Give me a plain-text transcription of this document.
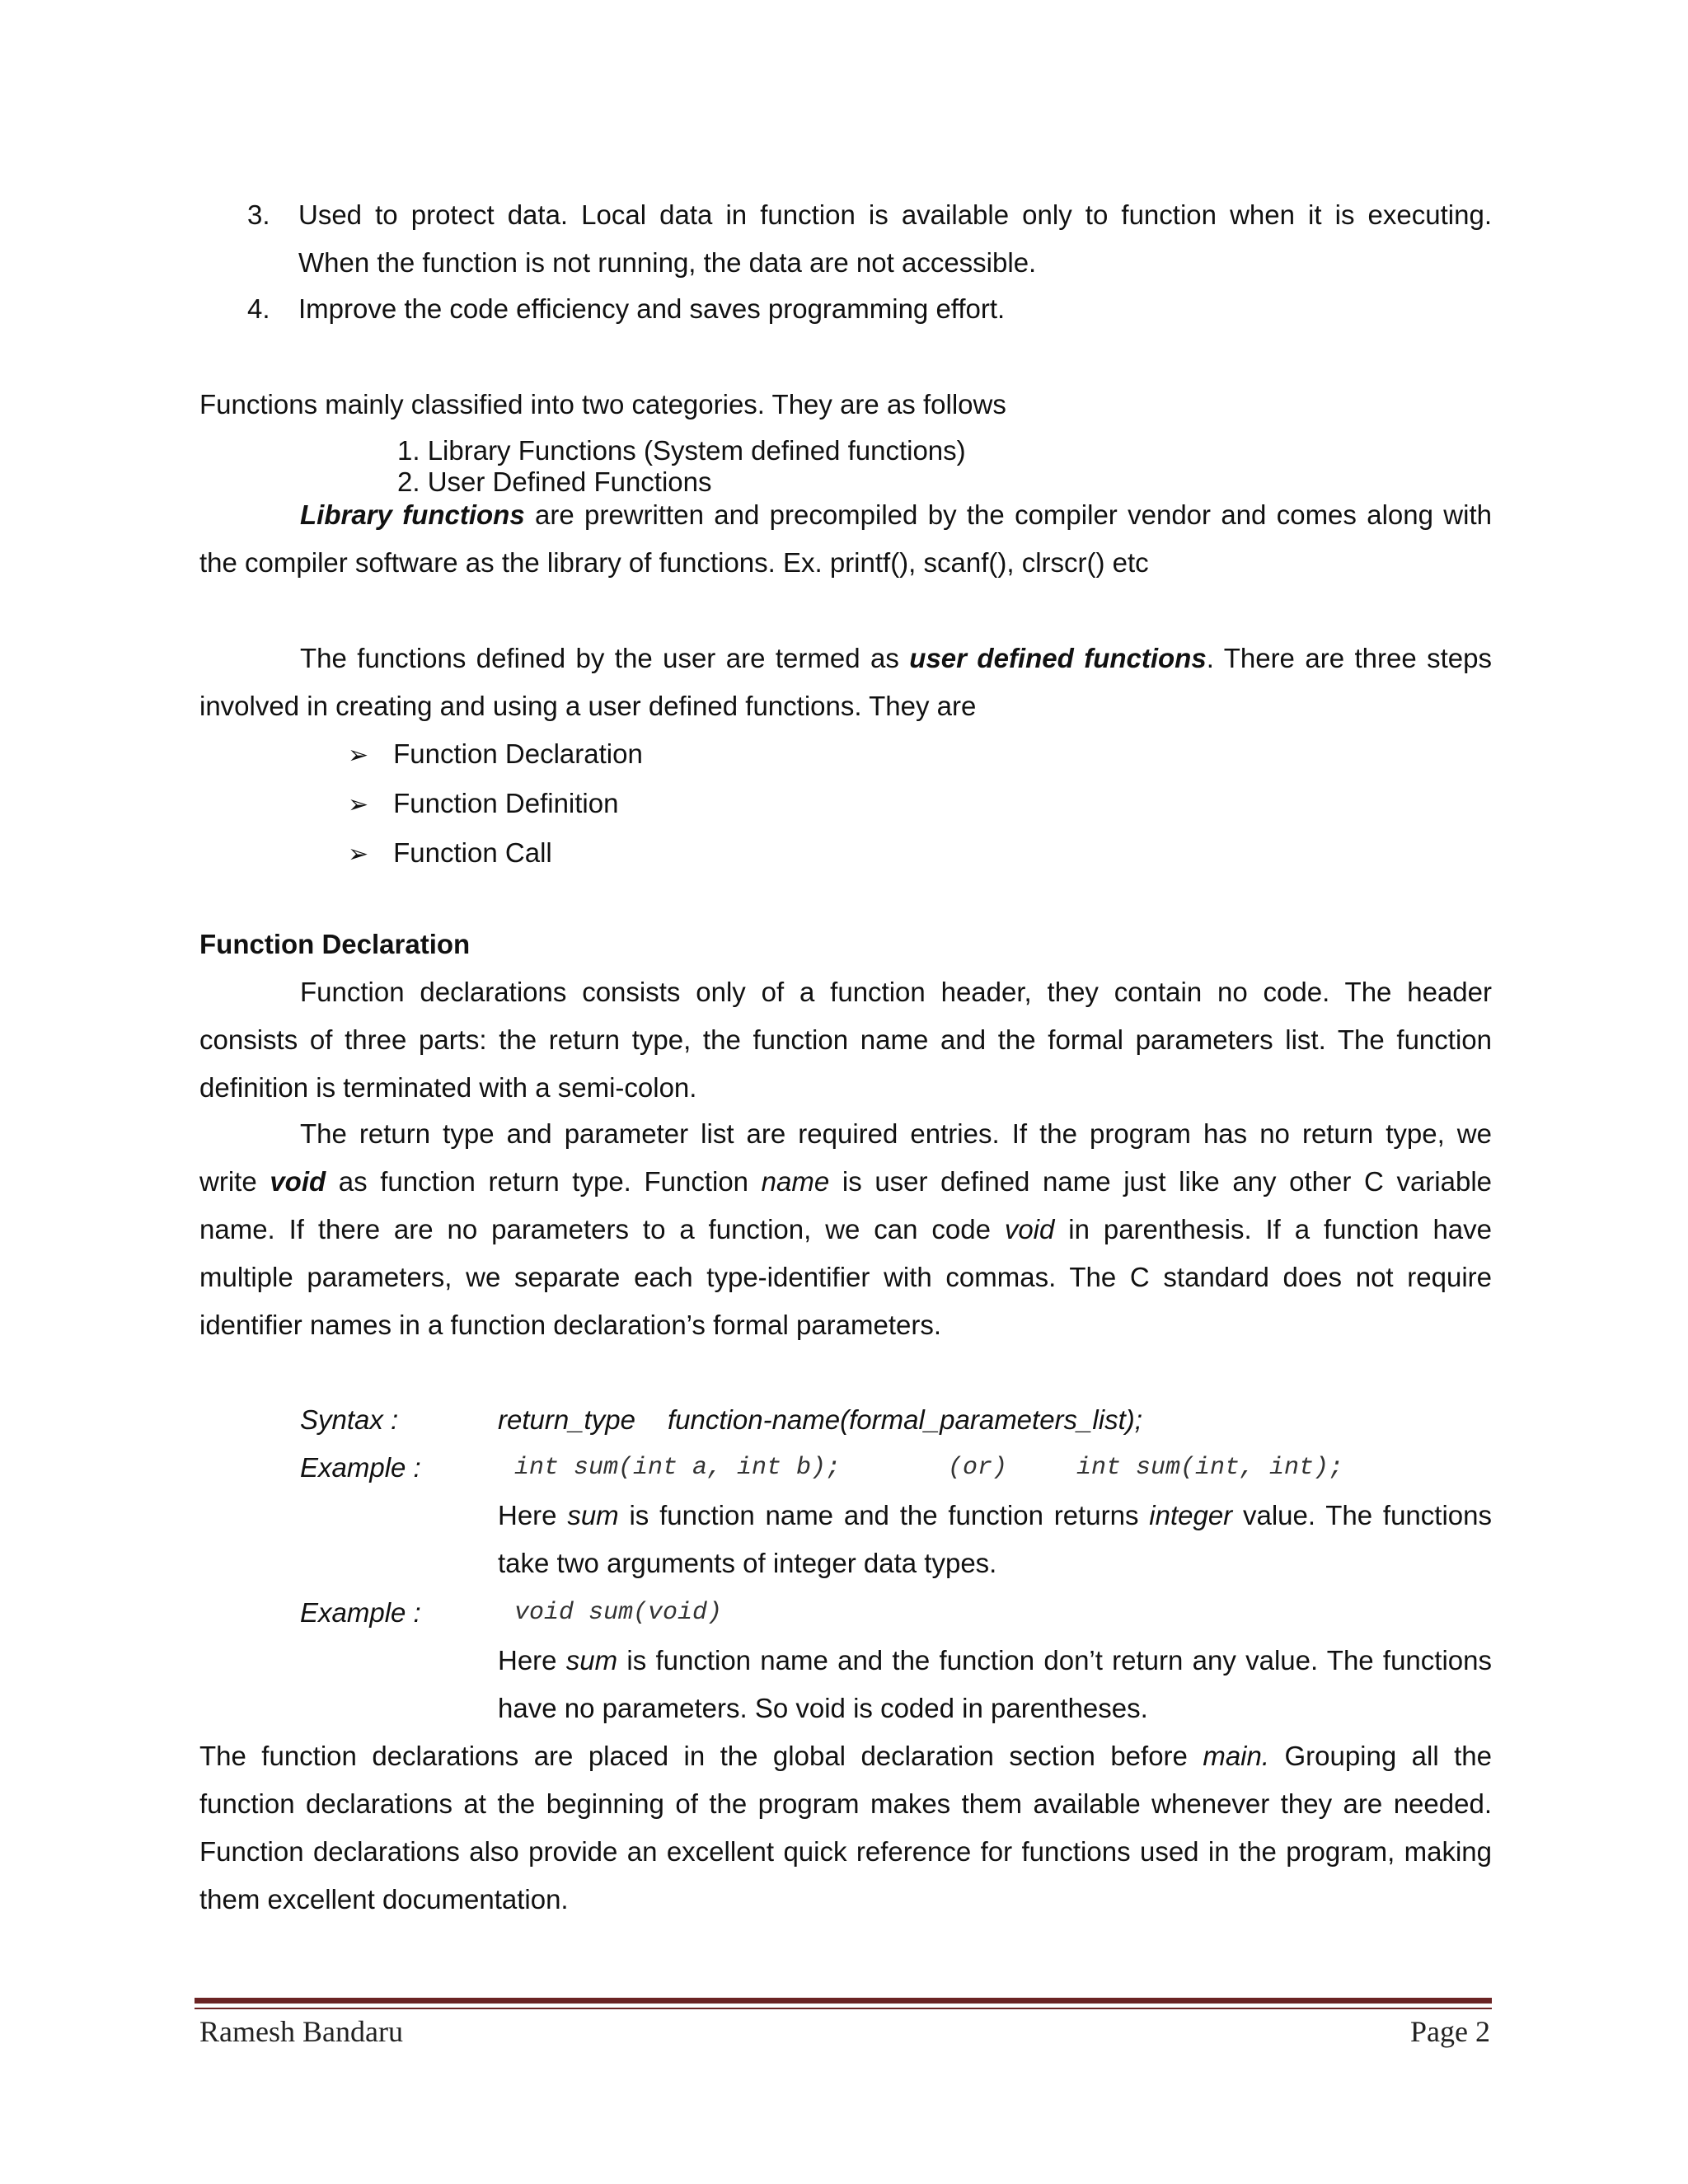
3. Used to protect data. Local data in function is available only to function when it is executing.
When the function is not running, the data are not accessible.
4. Improve the code efficiency and saves programming effort.
Functions mainly classified into two categories. They are as follows
1. Library Functions (System defined functions)
2. User Defined Functions
Library functions are prewritten and precompiled by the compiler vendor and comes along with
the compiler software as the library of functions. Ex. printf(), scanf(), clrscr() etc
The functions defined by the user are termed as user defined functions. There are three steps
involved in creating and using a user defined functions. They are
➢ Function Declaration
➢ Function Definition
➢ Function Call
Function Declaration
Function declarations consists only of a function header, they contain no code. The header
consists of three parts: the return type, the function name and the formal parameters list. The function
definition is terminated with a semi-colon.
The return type and parameter list are required entries. If the program has no return type, we
write void as function return type. Function name is user defined name just like any other C variable
name. If there are no parameters to a function, we can code void in parenthesis. If a function have
multiple parameters, we separate each type-identifier with commas. The C standard does not require
identifier names in a function declaration’s formal parameters.
Syntax :	return_type function-name(formal_parameters_list);
Example :	int sum(int a, int b);	(or)	int sum(int, int);
Here sum is function name and the function returns integer value. The functions
take two arguments of integer data types.
Example :	void sum(void)
Here sum is function name and the function don’t return any value. The functions
have no parameters. So void is coded in parentheses.
The function declarations are placed in the global declaration section before main. Grouping all the
function declarations at the beginning of the program makes them available whenever they are needed.
Function declarations also provide an excellent quick reference for functions used in the program, making
them excellent documentation.
Ramesh Bandaru	Page 2
